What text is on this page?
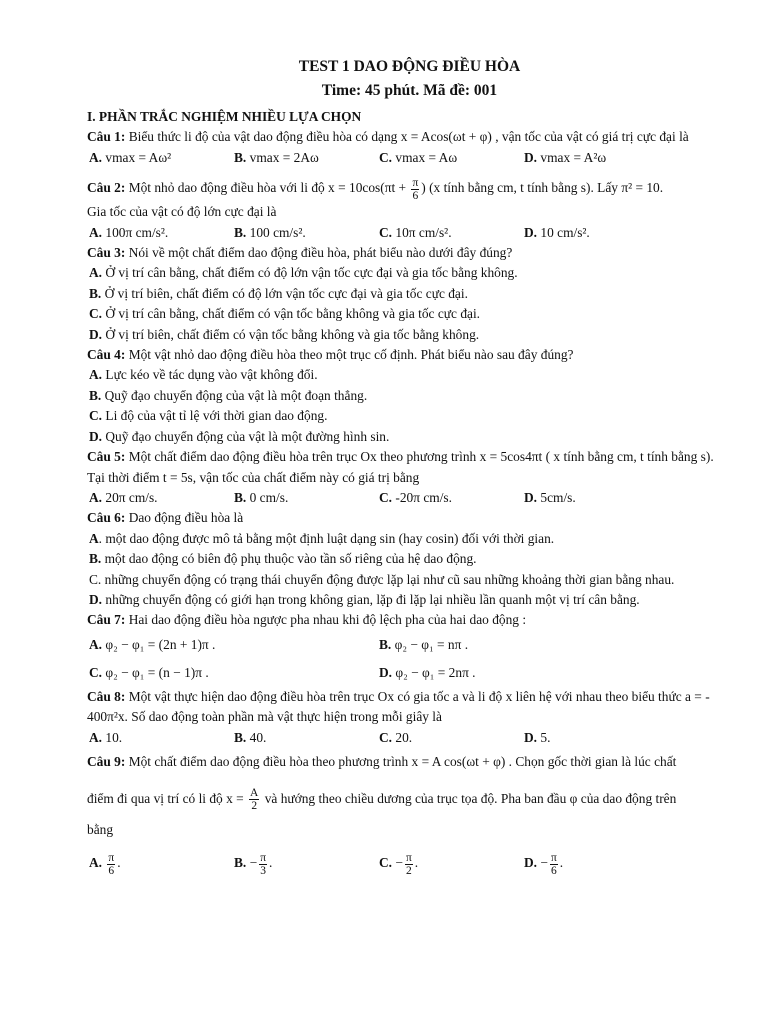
TEST 1 DAO ĐỘNG ĐIỀU HÒA
Time: 45 phút. Mã đề: 001
I. PHẦN TRẮC NGHIỆM NHIỀU LỰA CHỌN
Câu 1: Biểu thức li độ của vật dao động điều hòa có dạng x = Acos(ωt + φ) , vận tốc của vật có giá trị cực đại là
A. vmax = Aω²	B. vmax = 2Aω	C. vmax = Aω	D. vmax = A²ω
Câu 2: Một nhỏ dao động điều hòa với li độ $x = 10\cos(\pi t + \frac{\pi}{6}$ ) (x tính bằng cm, t tính bằng s). Lấy π² = 10.
Gia tốc của vật có độ lớn cực đại là
A. 100π cm/s².	B. 100 cm/s².	C. 10π cm/s².	D. 10 cm/s².
Câu 3: Nói về một chất điểm dao động điều hòa, phát biểu nào dưới đây đúng?
A. Ở vị trí cân bằng, chất điểm có độ lớn vận tốc cực đại và gia tốc bằng không.
B. Ở vị trí biên, chất điểm có độ lớn vận tốc cực đại và gia tốc cực đại.
C. Ở vị trí cân bằng, chất điểm có vận tốc bằng không và gia tốc cực đại.
D. Ở vị trí biên, chất điểm có vận tốc bằng không và gia tốc bằng không.
Câu 4: Một vật nhỏ dao động điều hòa theo một trục cố định. Phát biểu nào sau đây đúng?
A. Lực kéo về tác dụng vào vật không đổi.
B. Quỹ đạo chuyển động của vật là một đoạn thẳng.
C. Li độ của vật tỉ lệ với thời gian dao động.
D. Quỹ đạo chuyển động của vật là một đường hình sin.
Câu 5: Một chất điểm dao động điều hòa trên trục Ox theo phương trình x = 5cos4πt ( x tính bằng cm, t tính bằng s). Tại thời điểm t = 5s, vận tốc của chất điểm này có giá trị bằng
A. 20π cm/s.	B. 0 cm/s.	C. -20π cm/s.	D. 5cm/s.
Câu 6: Dao động điều hòa là
A. một dao động được mô tả bằng một định luật dạng sin (hay cosin) đối với thời gian.
B. một dao động có biên độ phụ thuộc vào tần số riêng của hệ dao động.
C. những chuyển động có trạng thái chuyển động được lặp lại như cũ sau những khoảng thời gian bằng nhau.
D. những chuyển động có giới hạn trong không gian, lặp đi lặp lại nhiều lần quanh một vị trí cân bằng.
Câu 7: Hai dao động điều hòa ngược pha nhau khi độ lệch pha của hai dao động :
A. φ₂ − φ₁ = (2n + 1)π .	B. φ₂ − φ₁ = nπ .
C. φ₂ − φ₁ = (n − 1)π .	D. φ₂ − φ₁ = 2nπ .
Câu 8: Một vật thực hiện dao động điều hòa trên trục Ox có gia tốc a và li độ x liên hệ với nhau theo biểu thức a = - 400π²x. Số dao động toàn phần mà vật thực hiện trong mỗi giây là
A. 10.	B. 40.	C. 20.	D. 5.
Câu 9: Một chất điểm dao động điều hòa theo phương trình x = A cos(ωt + φ) . Chọn gốc thời gian là lúc chất
điểm đi qua vị trí có li độ $x = \frac{A}{2}$ và hướng theo chiều dương của trục tọa độ. Pha ban đầu φ của dao động trên
bằng
A. $\frac{\pi}{6}$ .	B. − $\frac{\pi}{3}$ .	C. − $\frac{\pi}{2}$ .	D. − $\frac{\pi}{6}$ .
